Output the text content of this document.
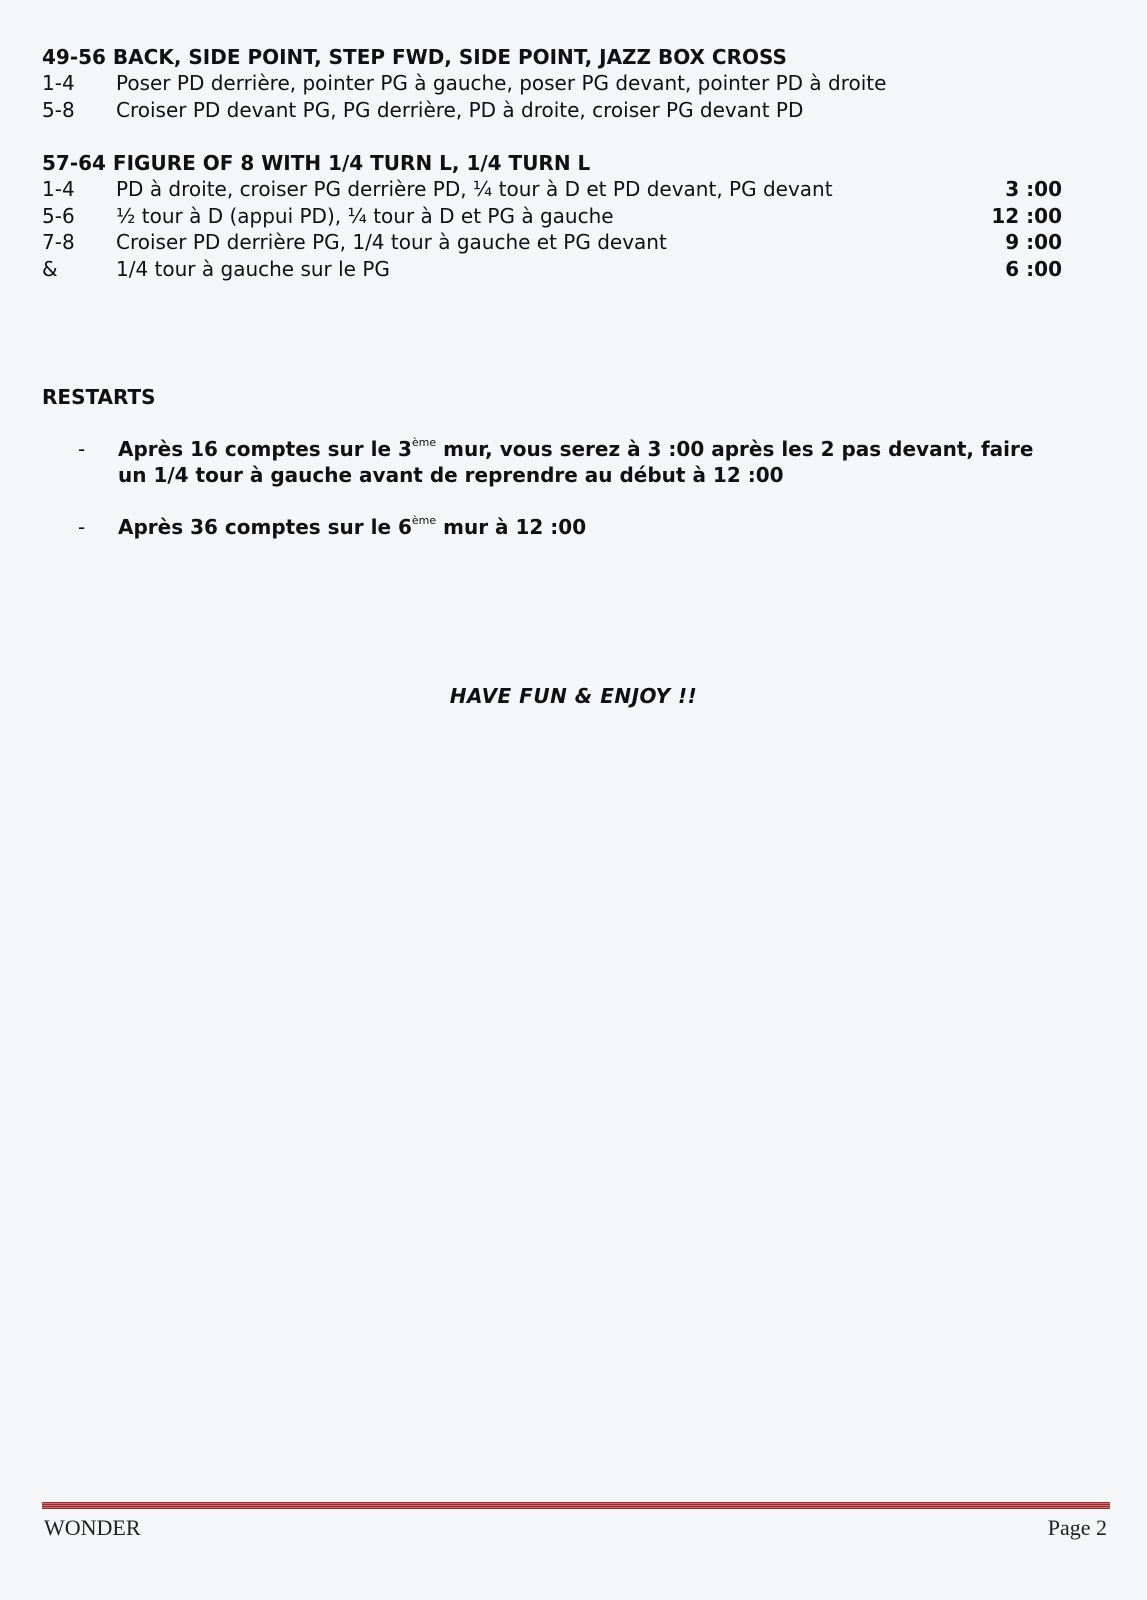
49-56 BACK, SIDE POINT, STEP FWD, SIDE POINT, JAZZ BOX CROSS
1-4	Poser PD derrière, pointer PG à gauche, poser PG devant, pointer PD à droite
5-8	Croiser PD devant PG, PG derrière, PD à droite, croiser PG devant PD
57-64 FIGURE OF 8 WITH 1/4 TURN L, 1/4 TURN L
1-4	PD à droite, croiser PG derrière PD, ¼ tour à D et PD devant, PG devant	3 :00
5-6	½ tour à D (appui PD), ¼ tour à D et PG à gauche	12 :00
7-8	Croiser PD derrière PG, 1/4 tour à gauche et PG devant	9 :00
&	1/4 tour à gauche sur le PG	6 :00
RESTARTS
-	Après 16 comptes sur le 3ème mur, vous serez à 3 :00 après les 2 pas devant, faire un 1/4 tour à gauche avant de reprendre au début à 12 :00
-	Après 36 comptes sur le 6ème mur à 12 :00
HAVE FUN & ENJOY !!
WONDER	Page 2
